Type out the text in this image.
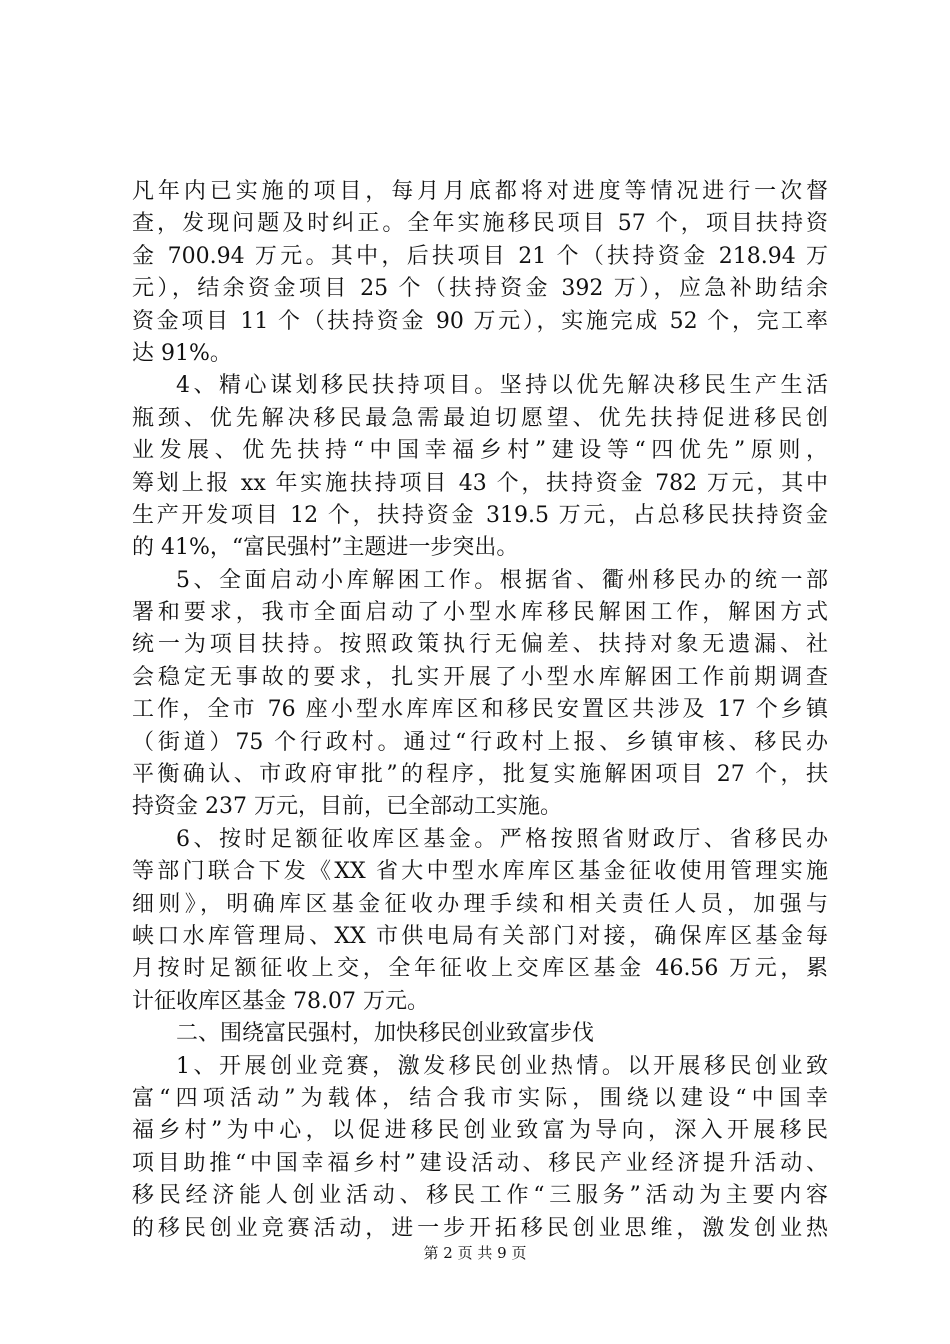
凡年内已实施的项目，每月月底都将对进度等情况进行一次督
查，发现问题及时纠正。全年实施移民项目 57 个，项目扶持资
金 700.94 万元。其中，后扶项目 21 个（扶持资金 218.94 万
元），结余资金项目 25 个（扶持资金 392 万），应急补助结余
资金项目 11 个（扶持资金 90 万元），实施完成 52 个，完工率
达 91%。
4、精心谋划移民扶持项目。坚持以优先解决移民生产生活
瓶颈、优先解决移民最急需最迫切愿望、优先扶持促进移民创
业发展、优先扶持“中国幸福乡村”建设等“四优先”原则，
筹划上报 xx 年实施扶持项目 43 个，扶持资金 782 万元，其中
生产开发项目 12 个，扶持资金 319.5 万元，占总移民扶持资金
的 41%，“富民强村”主题进一步突出。
5、全面启动小库解困工作。根据省、衢州移民办的统一部
署和要求，我市全面启动了小型水库移民解困工作，解困方式
统一为项目扶持。按照政策执行无偏差、扶持对象无遗漏、社
会稳定无事故的要求，扎实开展了小型水库解困工作前期调查
工作，全市 76 座小型水库库区和移民安置区共涉及 17 个乡镇
（街道）75 个行政村。通过“行政村上报、乡镇审核、移民办
平衡确认、市政府审批”的程序，批复实施解困项目 27 个，扶
持资金 237 万元，目前，已全部动工实施。
6、按时足额征收库区基金。严格按照省财政厅、省移民办
等部门联合下发《XX 省大中型水库库区基金征收使用管理实施
细则》，明确库区基金征收办理手续和相关责任人员，加强与
峡口水库管理局、XX 市供电局有关部门对接，确保库区基金每
月按时足额征收上交，全年征收上交库区基金 46.56 万元，累
计征收库区基金 78.07 万元。
二、围绕富民强村，加快移民创业致富步伐
1、开展创业竞赛，激发移民创业热情。以开展移民创业致
富“四项活动”为载体，结合我市实际，围绕以建设“中国幸
福乡村”为中心，以促进移民创业致富为导向，深入开展移民
项目助推“中国幸福乡村”建设活动、移民产业经济提升活动、
移民经济能人创业活动、移民工作“三服务”活动为主要内容
的移民创业竞赛活动，进一步开拓移民创业思维，激发创业热
第 2 页 共 9 页
